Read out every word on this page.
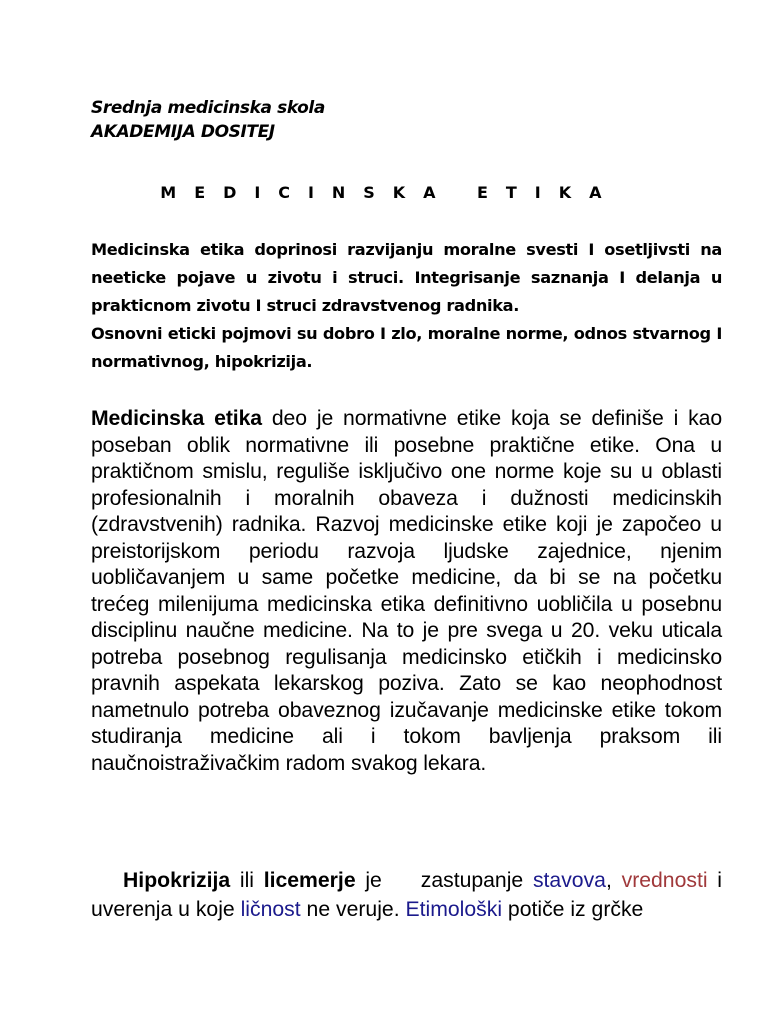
Srednja medicinska skola
AKADEMIJA DOSITEJ
M E D I C I N S K A   E T I K A

Medicinska etika doprinosi razvijanju moralne svesti I osetljivsti na neeticke pojave u zivotu i struci. Integrisanje saznanja I delanja u prakticnom zivotu I struci zdravstvenog radnika.

Osnovni eticki pojmovi su dobro I zlo, moralne norme, odnos stvarnog I normativnog, hipokrizija.

Medicinska etika deo je normativne etike koja se definiše i kao poseban oblik normativne ili posebne praktične etike. Ona u praktičnom smislu, reguliše isključivo one norme koje su u oblasti profesionalnih i moralnih obaveza i dužnosti medicinskih (zdravstvenih) radnika. Razvoj medicinske etike koji je započeo u preistorijskom periodu razvoja ljudske zajednice, njenim uobličavanjem u same početke medicine, da bi se na početku trećeg milenijuma medicinska etika definitivno uobličila u posebnu disciplinu naučne medicine. Na to je pre svega u 20. veku uticala potreba posebnog regulisanja medicinsko etičkih i medicinsko pravnih aspekata lekarskog poziva. Zato se kao neophodnost nametnulo potreba obaveznog izučavanje medicinske etike tokom studiranja medicine ali i tokom bavljenja praksom ili naučnoistraživačkim radom svakog lekara.

Hipokrizija ili licemerje je    zastupanje stavova, vrednosti i uverenja u koje ličnost ne veruje. Etimološki potiče iz grčke
